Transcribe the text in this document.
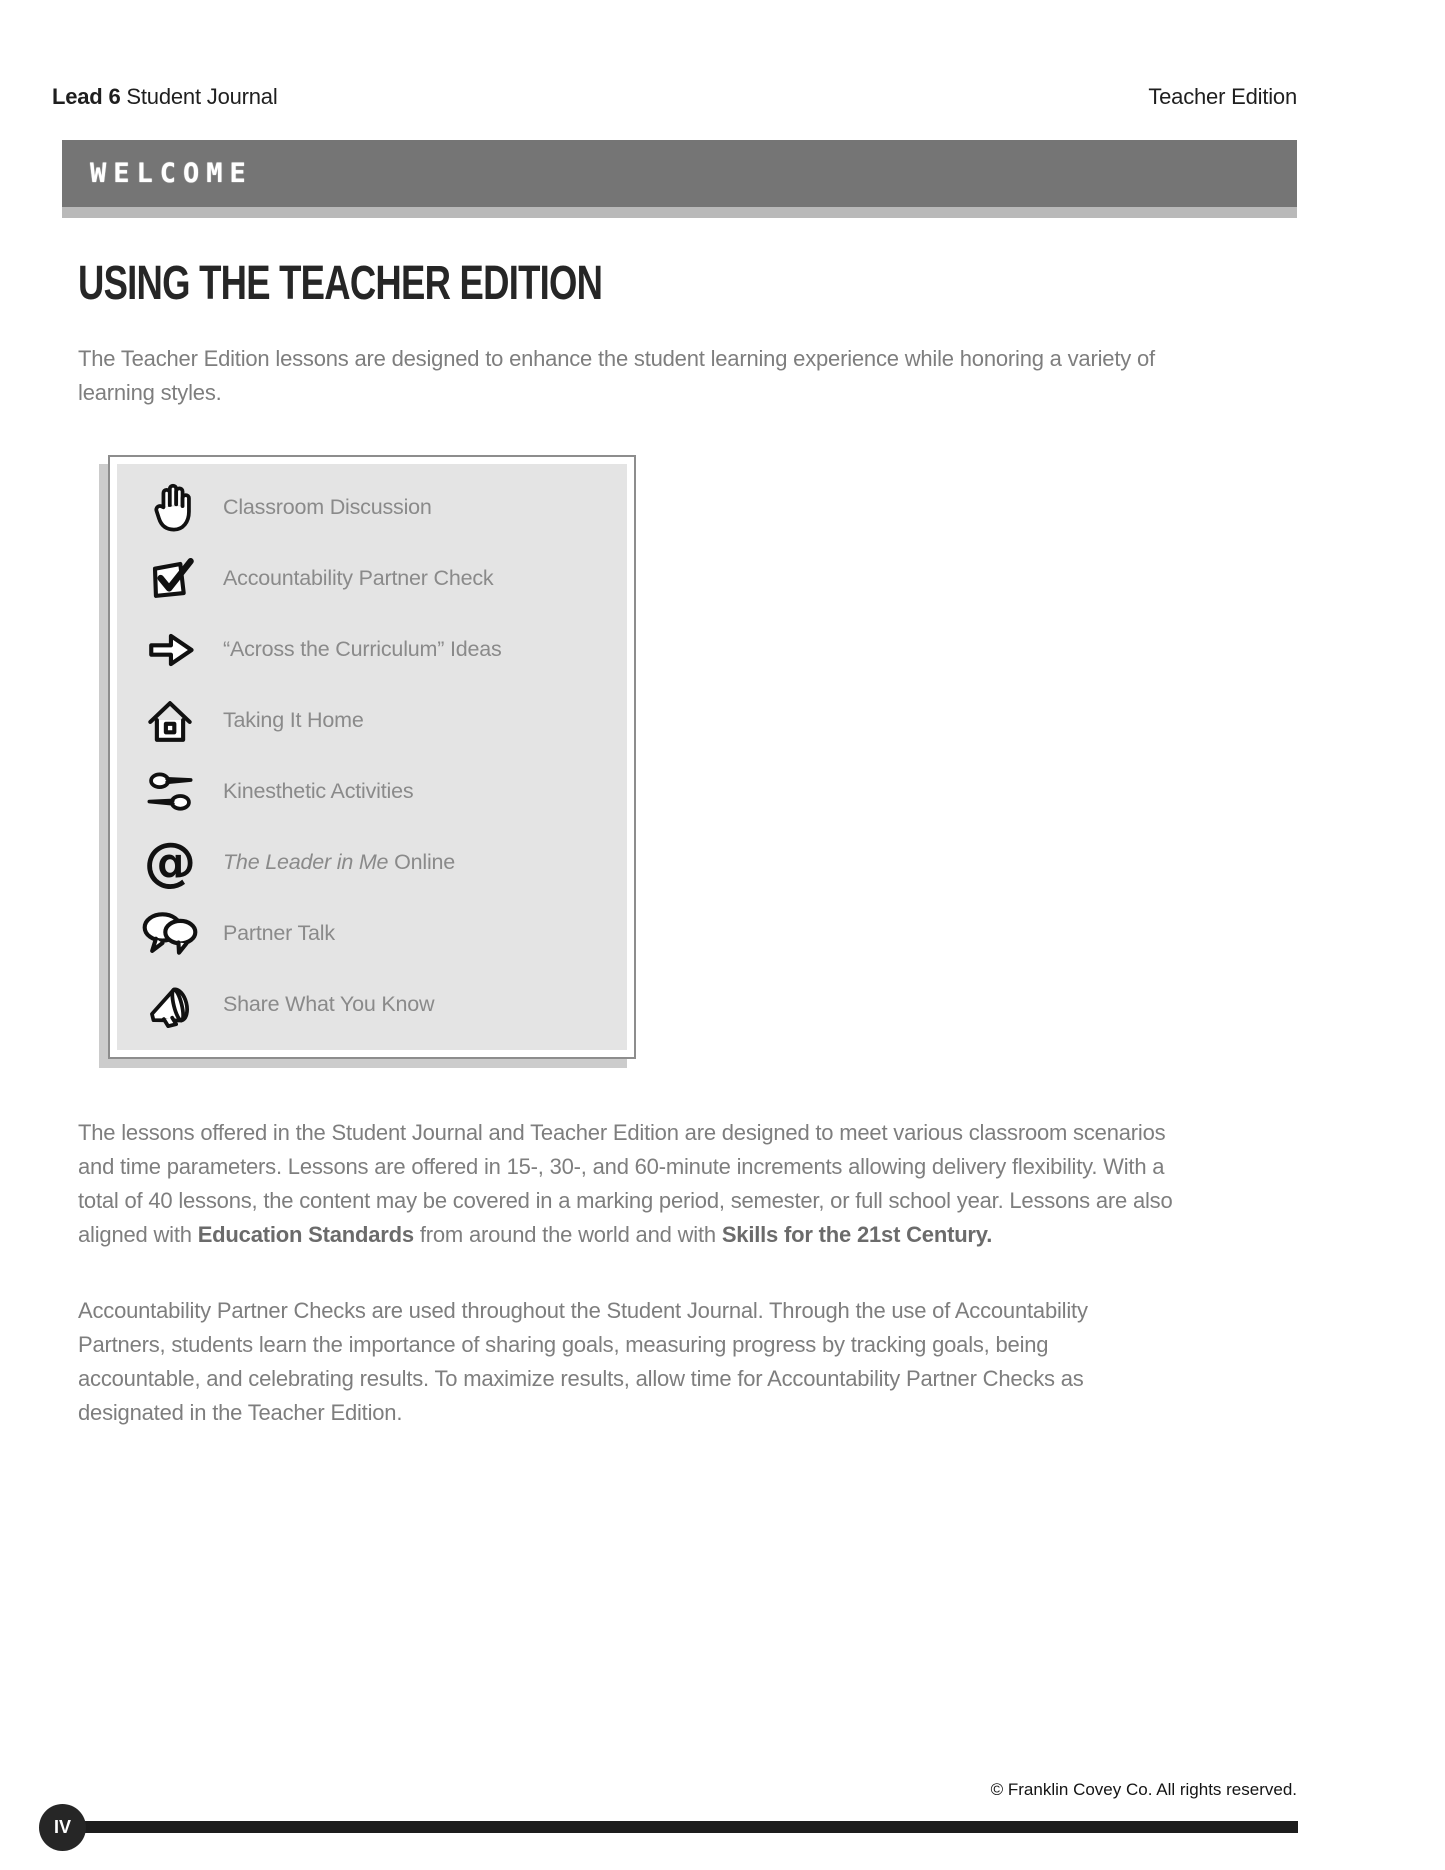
Lead 6 Student Journal	Teacher Edition
WELCOME
USING THE TEACHER EDITION

The Teacher Edition lessons are designed to enhance the student learning experience while honoring a variety of learning styles.

Classroom Discussion
Accountability Partner Check
“Across the Curriculum” Ideas
Taking It Home
Kinesthetic Activities
@ The Leader in Me Online
Partner Talk
Share What You Know

The lessons offered in the Student Journal and Teacher Edition are designed to meet various classroom scenarios and time parameters. Lessons are offered in 15-, 30-, and 60-minute increments allowing delivery flexibility. With a total of 40 lessons, the content may be covered in a marking period, semester, or full school year. Lessons are also aligned with Education Standards from around the world and with Skills for the 21st Century.

Accountability Partner Checks are used throughout the Student Journal. Through the use of Accountability Partners, students learn the importance of sharing goals, measuring progress by tracking goals, being accountable, and celebrating results. To maximize results, allow time for Accountability Partner Checks as designated in the Teacher Edition.

© Franklin Covey Co. All rights reserved.
IV
